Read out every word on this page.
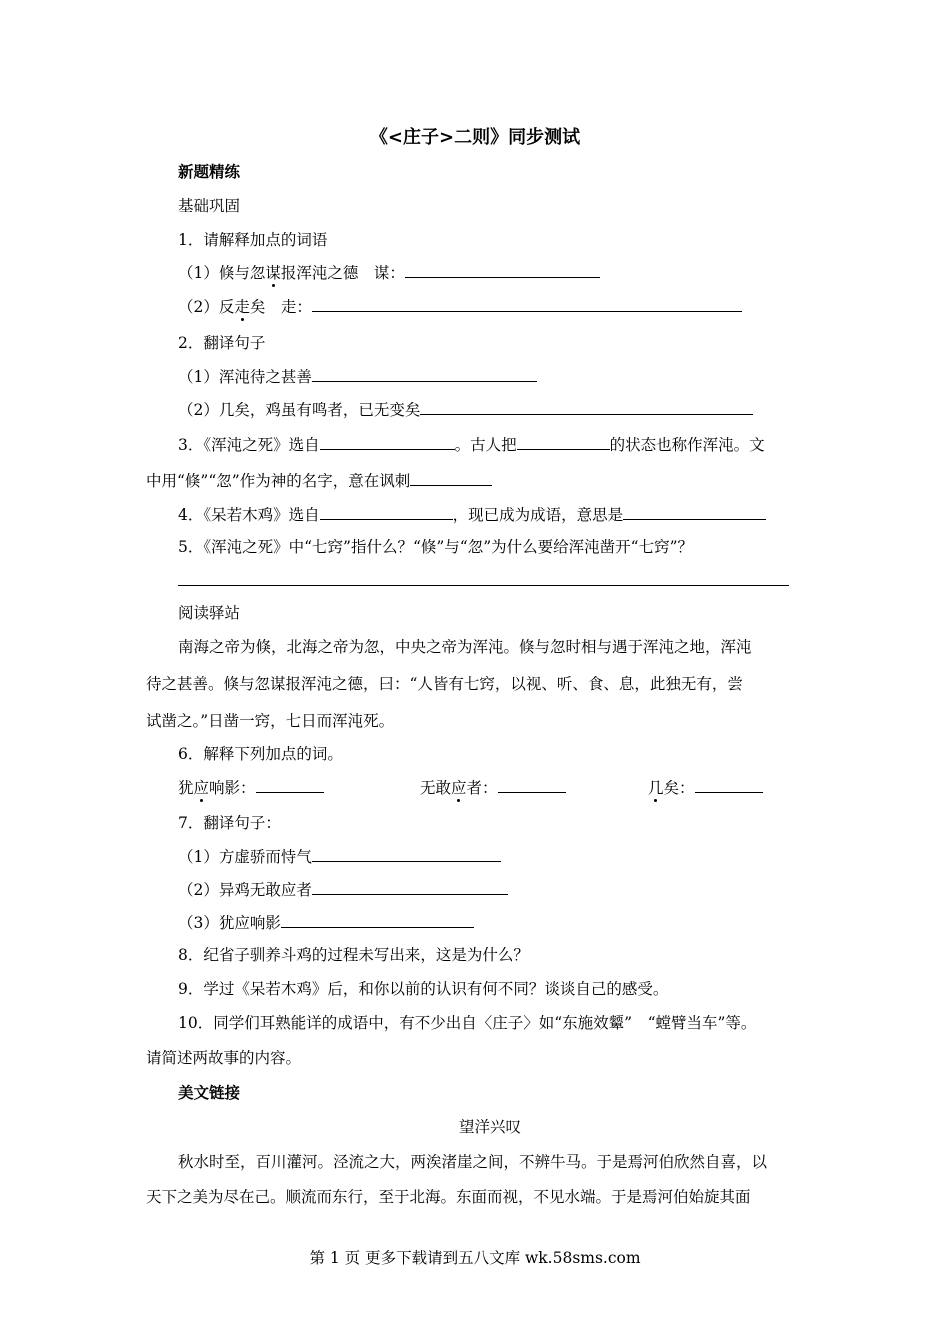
《<庄子>二则》同步测试
新题精练
基础巩固
1．请解释加点的词语
（1）倏与忽谋报浑沌之德　谋：
（2）反走矣　走：
2．翻译句子
（1）浑沌待之甚善
（2）几矣，鸡虽有鸣者，已无变矣
3．《浑沌之死》选自	。古人把	的状态也称作浑沌。文
中用“倏”“忽”作为神的名字，意在讽刺
4．《呆若木鸡》选自	，现已成为成语，意思是
5．《浑沌之死》中“七窍”指什么？“倏”与“忽”为什么要给浑沌凿开“七窍”？
阅读驿站
南海之帝为倏，北海之帝为忽，中央之帝为浑沌。倏与忽时相与遇于浑沌之地，浑沌
待之甚善。倏与忽谋报浑沌之德，曰：“人皆有七窍，以视、听、食、息，此独无有，尝
试凿之。”日凿一窍，七日而浑沌死。
6．解释下列加点的词。
犹应响影：	无敢应者：	几矣：
7．翻译句子：
（1）方虚骄而恃气
（2）异鸡无敢应者
（3）犹应响影
8．纪省子驯养斗鸡的过程未写出来，这是为什么？
9．学过《呆若木鸡》后，和你以前的认识有何不同？谈谈自己的感受。
10．同学们耳熟能详的成语中，有不少出自〈庄子〉如“东施效颦”　“螳臂当车”等。
请简述两故事的内容。
美文链接
望洋兴叹
秋水时至，百川灌河。泾流之大，两涘渚崖之间，不辨牛马。于是焉河伯欣然自喜，以
天下之美为尽在己。顺流而东行，至于北海。东面而视，不见水端。于是焉河伯始旋其面
第 1 页 更多下载请到五八文库 wk.58sms.com
